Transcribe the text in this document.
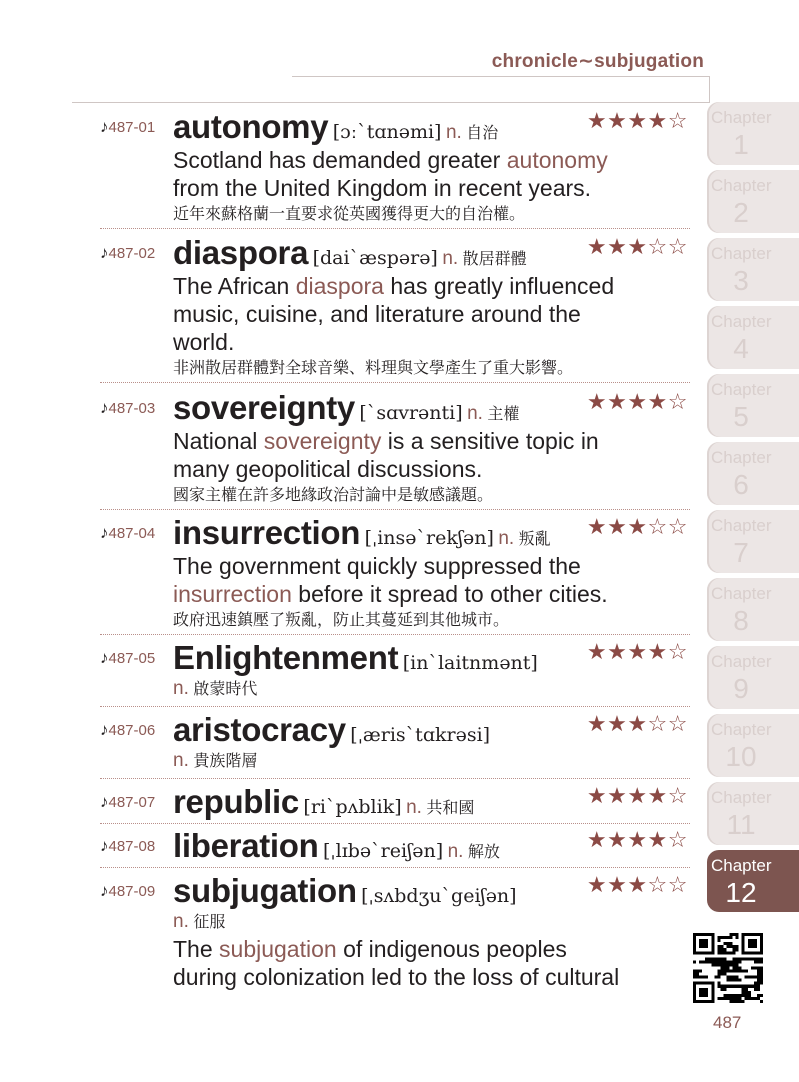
chronicle∼subjugation
♪487-01	★★★★☆
autonomy [ɔːˋtɑnəmi] n. 自治
Scotland has demanded greater autonomy
from the United Kingdom in recent years.
近年來蘇格蘭一直要求從英國獲得更大的自治權。
♪487-02	★★★☆☆
diaspora [daiˋæspərə] n. 散居群體
The African diaspora has greatly influenced
music, cuisine, and literature around the
world.
非洲散居群體對全球音樂、料理與文學產生了重大影響。
♪487-03	★★★★☆
sovereignty [ˋsɑvrənti] n. 主權
National sovereignty is a sensitive topic in
many geopolitical discussions.
國家主權在許多地緣政治討論中是敏感議題。
♪487-04	★★★☆☆
insurrection [ˌinsəˋrekʃən] n. 叛亂
The government quickly suppressed the
insurrection before it spread to other cities.
政府迅速鎮壓了叛亂，防止其蔓延到其他城市。
♪487-05	★★★★☆
Enlightenment [inˋlaitnmənt]
n. 啟蒙時代
♪487-06	★★★☆☆
aristocracy [ˌærisˋtɑkrəsi]
n. 貴族階層
♪487-07	★★★★☆
republic [riˋpʌblik] n. 共和國
♪487-08	★★★★☆
liberation [ˌlɪbəˋreiʃən] n. 解放
♪487-09	★★★☆☆
subjugation [ˌsʌbdʒuˋgeiʃən]
n. 征服
The subjugation of indigenous peoples
during colonization led to the loss of cultural
Chapter
1
Chapter
2
Chapter
3
Chapter
4
Chapter
5
Chapter
6
Chapter
7
Chapter
8
Chapter
9
Chapter
10
Chapter
11
Chapter
12
487
